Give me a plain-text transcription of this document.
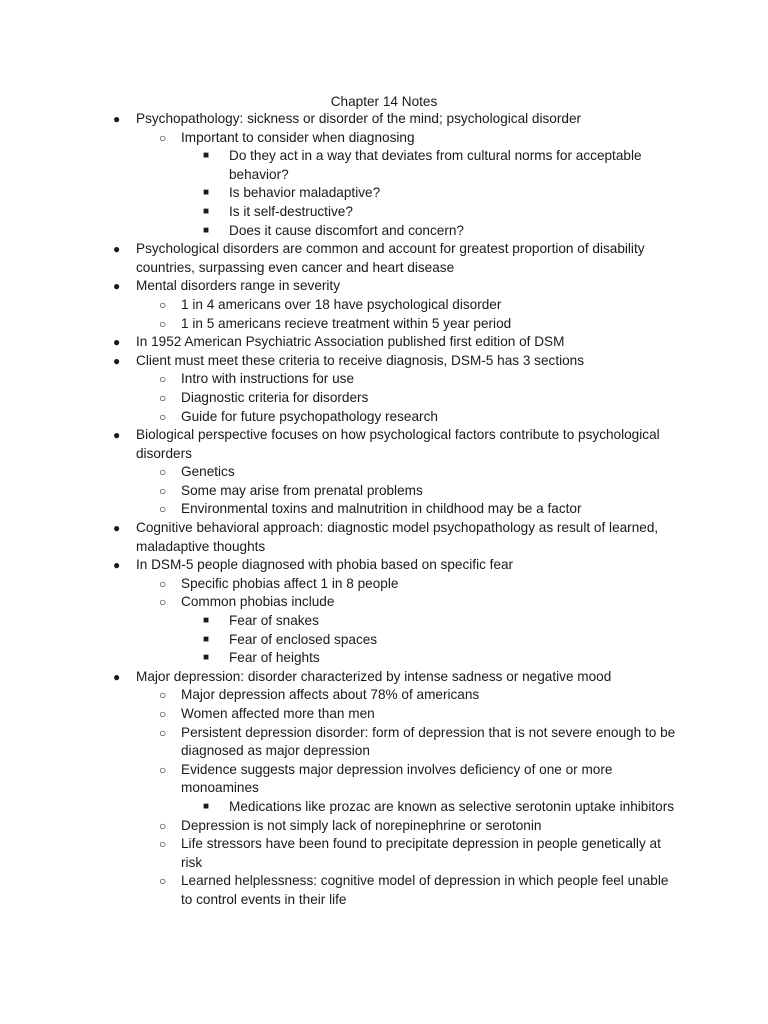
Chapter 14 Notes
● Psychopathology: sickness or disorder of the mind; psychological disorder
○ Important to consider when diagnosing
■ Do they act in a way that deviates from cultural norms for acceptable behavior?
■ Is behavior maladaptive?
■ Is it self-destructive?
■ Does it cause discomfort and concern?
● Psychological disorders are common and account for greatest proportion of disability countries, surpassing even cancer and heart disease
● Mental disorders range in severity
○ 1 in 4 americans over 18 have psychological disorder
○ 1 in 5 americans recieve treatment within 5 year period
● In 1952 American Psychiatric Association published first edition of DSM
● Client must meet these criteria to receive diagnosis, DSM-5 has 3 sections
○ Intro with instructions for use
○ Diagnostic criteria for disorders
○ Guide for future psychopathology research
● Biological perspective focuses on how psychological factors contribute to psychological disorders
○ Genetics
○ Some may arise from prenatal problems
○ Environmental toxins and malnutrition in childhood may be a factor
● Cognitive behavioral approach: diagnostic model psychopathology as result of learned, maladaptive thoughts
● In DSM-5 people diagnosed with phobia based on specific fear
○ Specific phobias affect 1 in 8 people
○ Common phobias include
■ Fear of snakes
■ Fear of enclosed spaces
■ Fear of heights
● Major depression: disorder characterized by intense sadness or negative mood
○ Major depression affects about 78% of americans
○ Women affected more than men
○ Persistent depression disorder: form of depression that is not severe enough to be diagnosed as major depression
○ Evidence suggests major depression involves deficiency of one or more monoamines
■ Medications like prozac are known as selective serotonin uptake inhibitors
○ Depression is not simply lack of norepinephrine or serotonin
○ Life stressors have been found to precipitate depression in people genetically at risk
○ Learned helplessness: cognitive model of depression in which people feel unable to control events in their life
